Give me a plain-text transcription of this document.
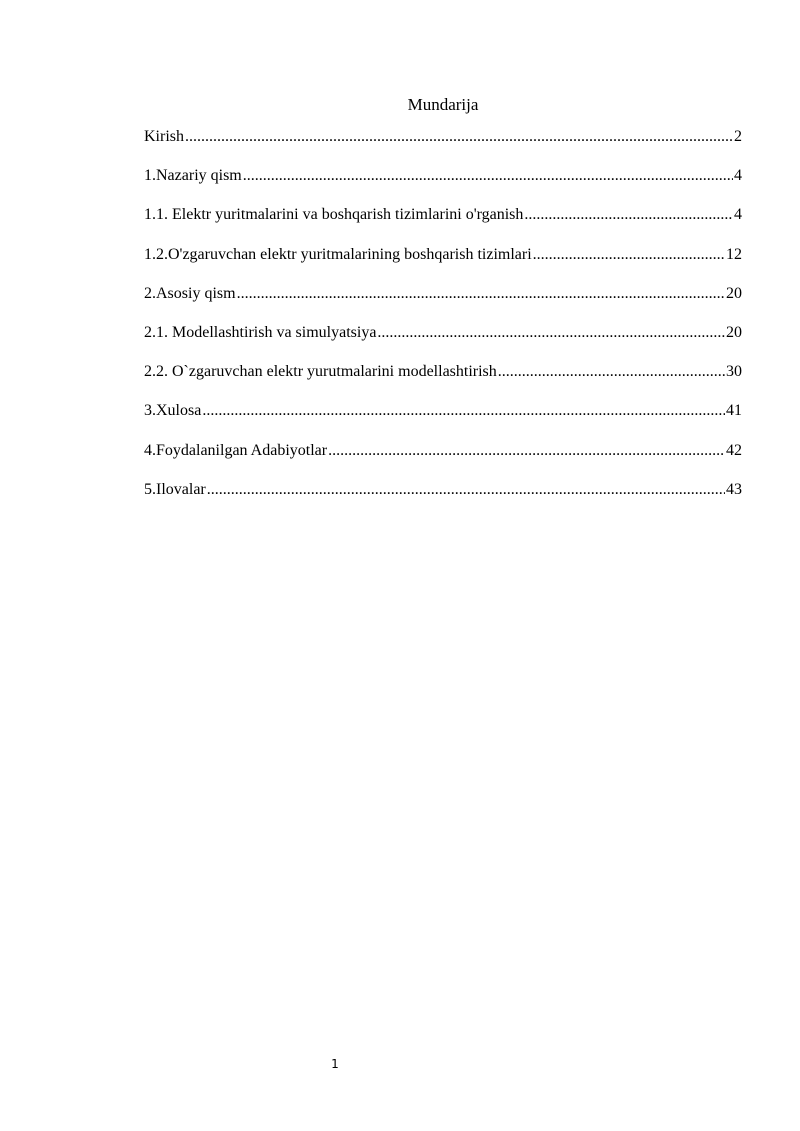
Mundarija
Kirish .....	2
1.Nazariy qism .....	4
1.1. Elektr yuritmalarini va boshqarish tizimlarini o'rganish .....	4
1.2.O'zgaruvchan elektr yuritmalarining boshqarish tizimlari .....	12
2.Asosiy qism .....	20
2.1. Modellashtirish va simulyatsiya .....	20
2.2. O`zgaruvchan elektr yurutmalarini modellashtirish .....	30
3.Xulosa .....	41
4.Foydalanilgan Adabiyotlar .....	42
5.Ilovalar .....	43
1
